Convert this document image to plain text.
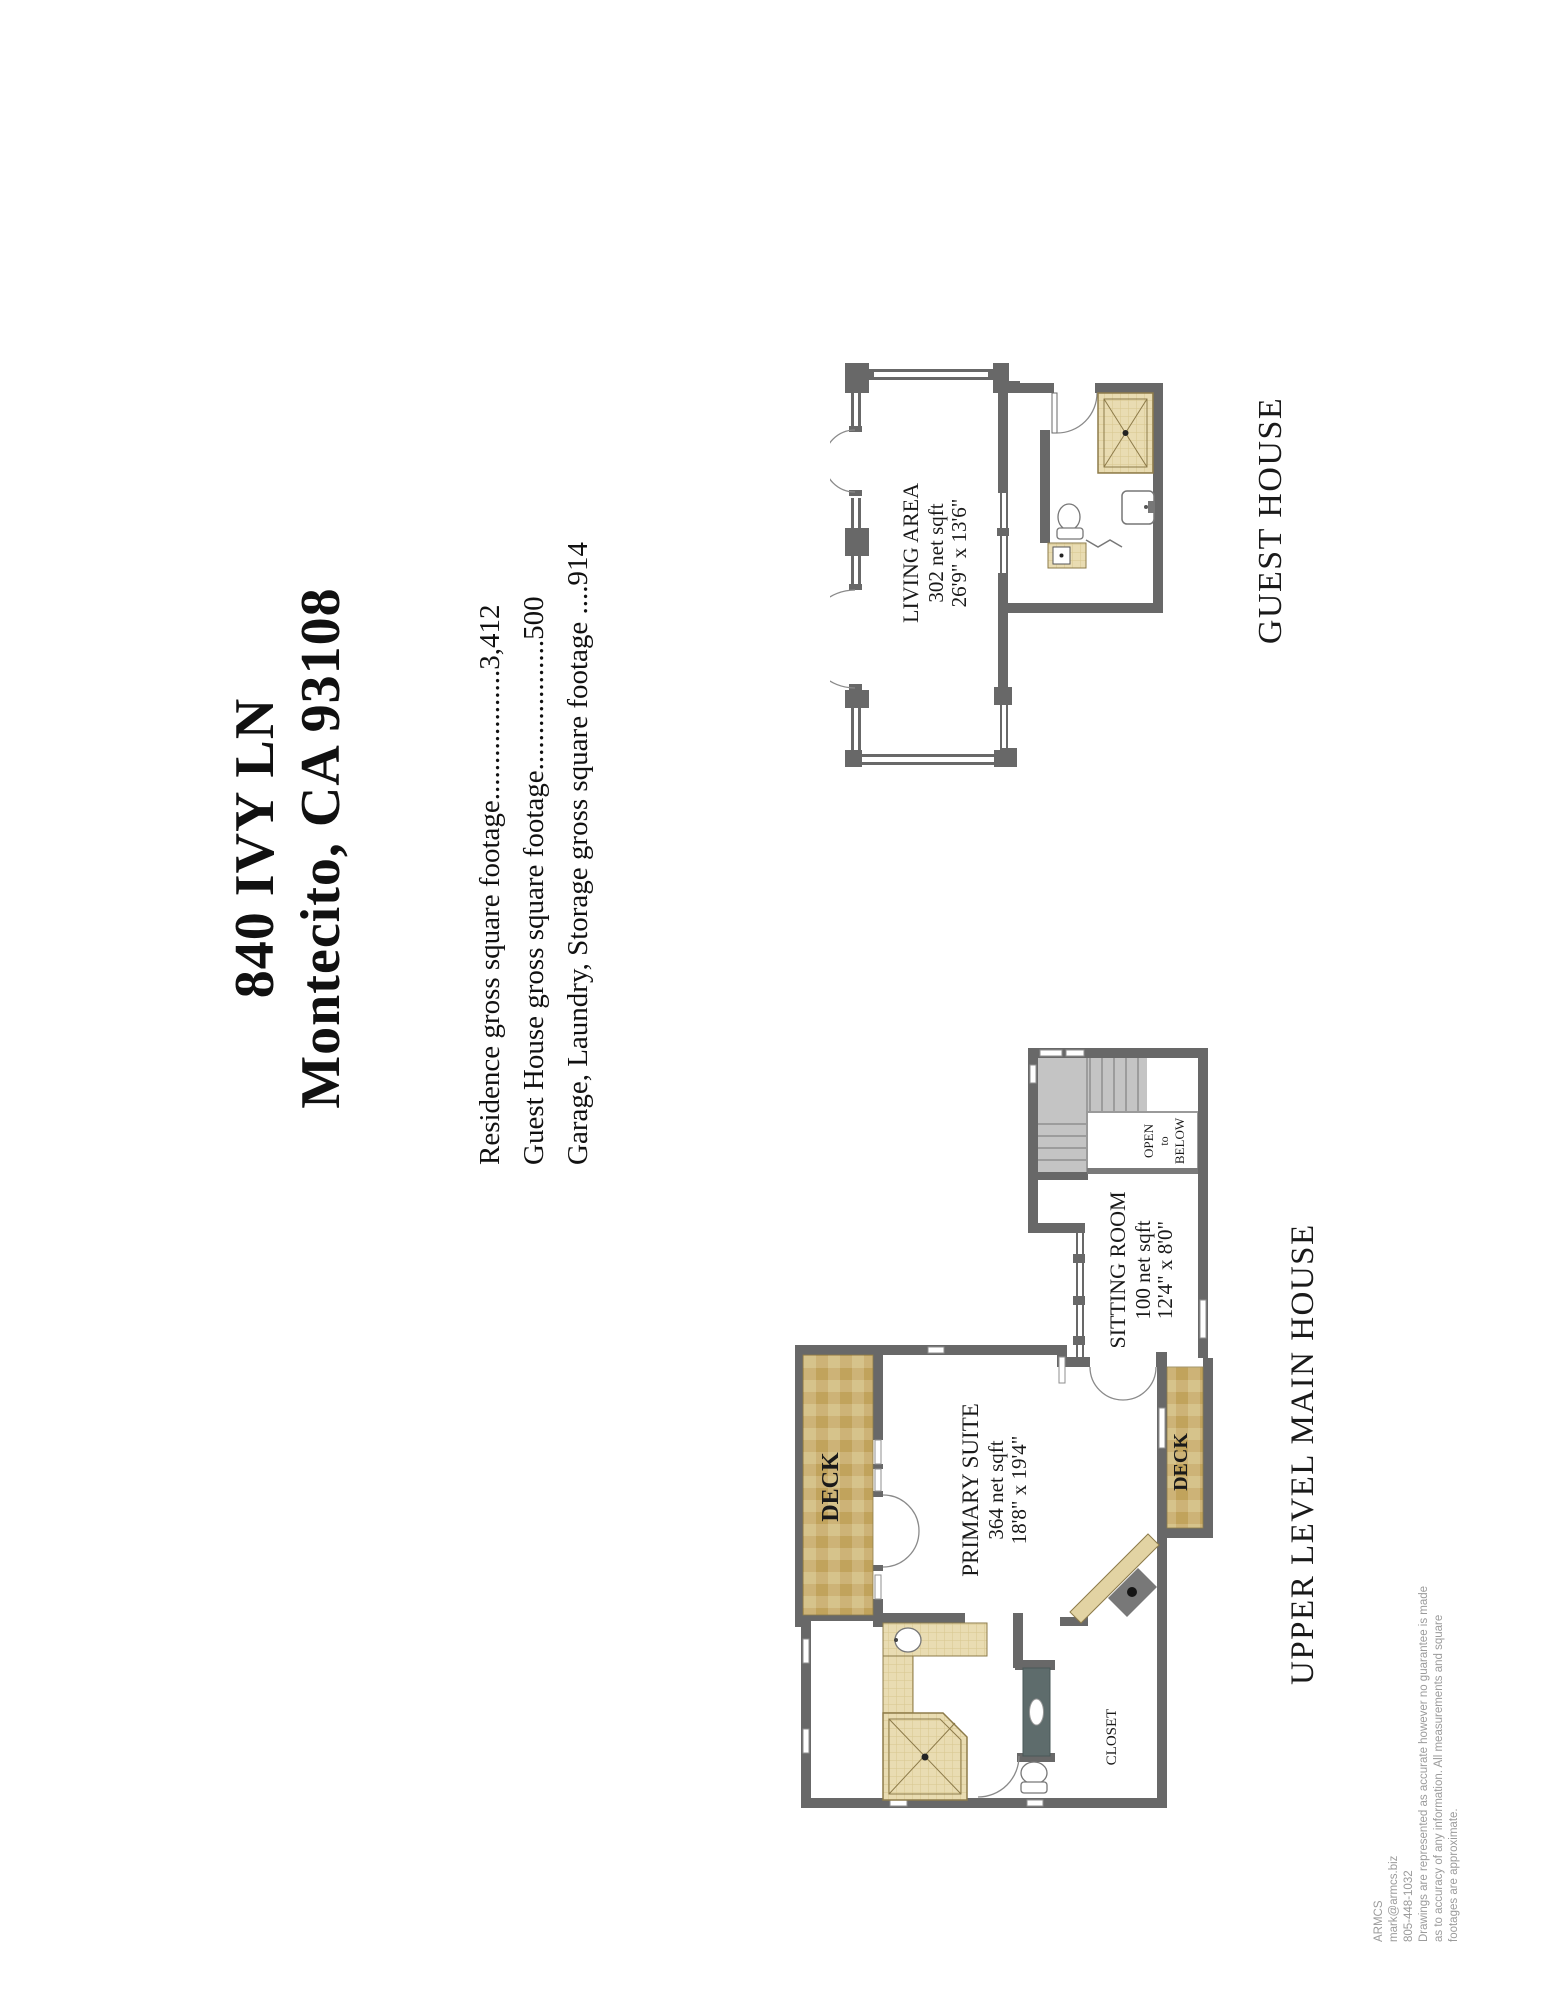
840 IVY LN Montecito, CA 93108	Residence gross square footage..................3,412 Guest House gross square footage..................500 Garage, Laundry, Storage gross square footage ....914	LIVING AREA 302 net sqft 26'9" x 13'6"	GUEST HOUSE
PRIMARY SUITE 364 net sqft 18'8" x 19'4"
SITTING ROOM 100 net sqft
12'4" x 8'0"
OPEN to BELOW
CLOSET
DECK	DECK	UPPER LEVEL MAIN HOUSE
ARMCS mark@armcs.biz 805-448-1032 Drawings are represented as accurate however no guarantee is made as to accuracy of any information. All measurements and square footages are approximate.
